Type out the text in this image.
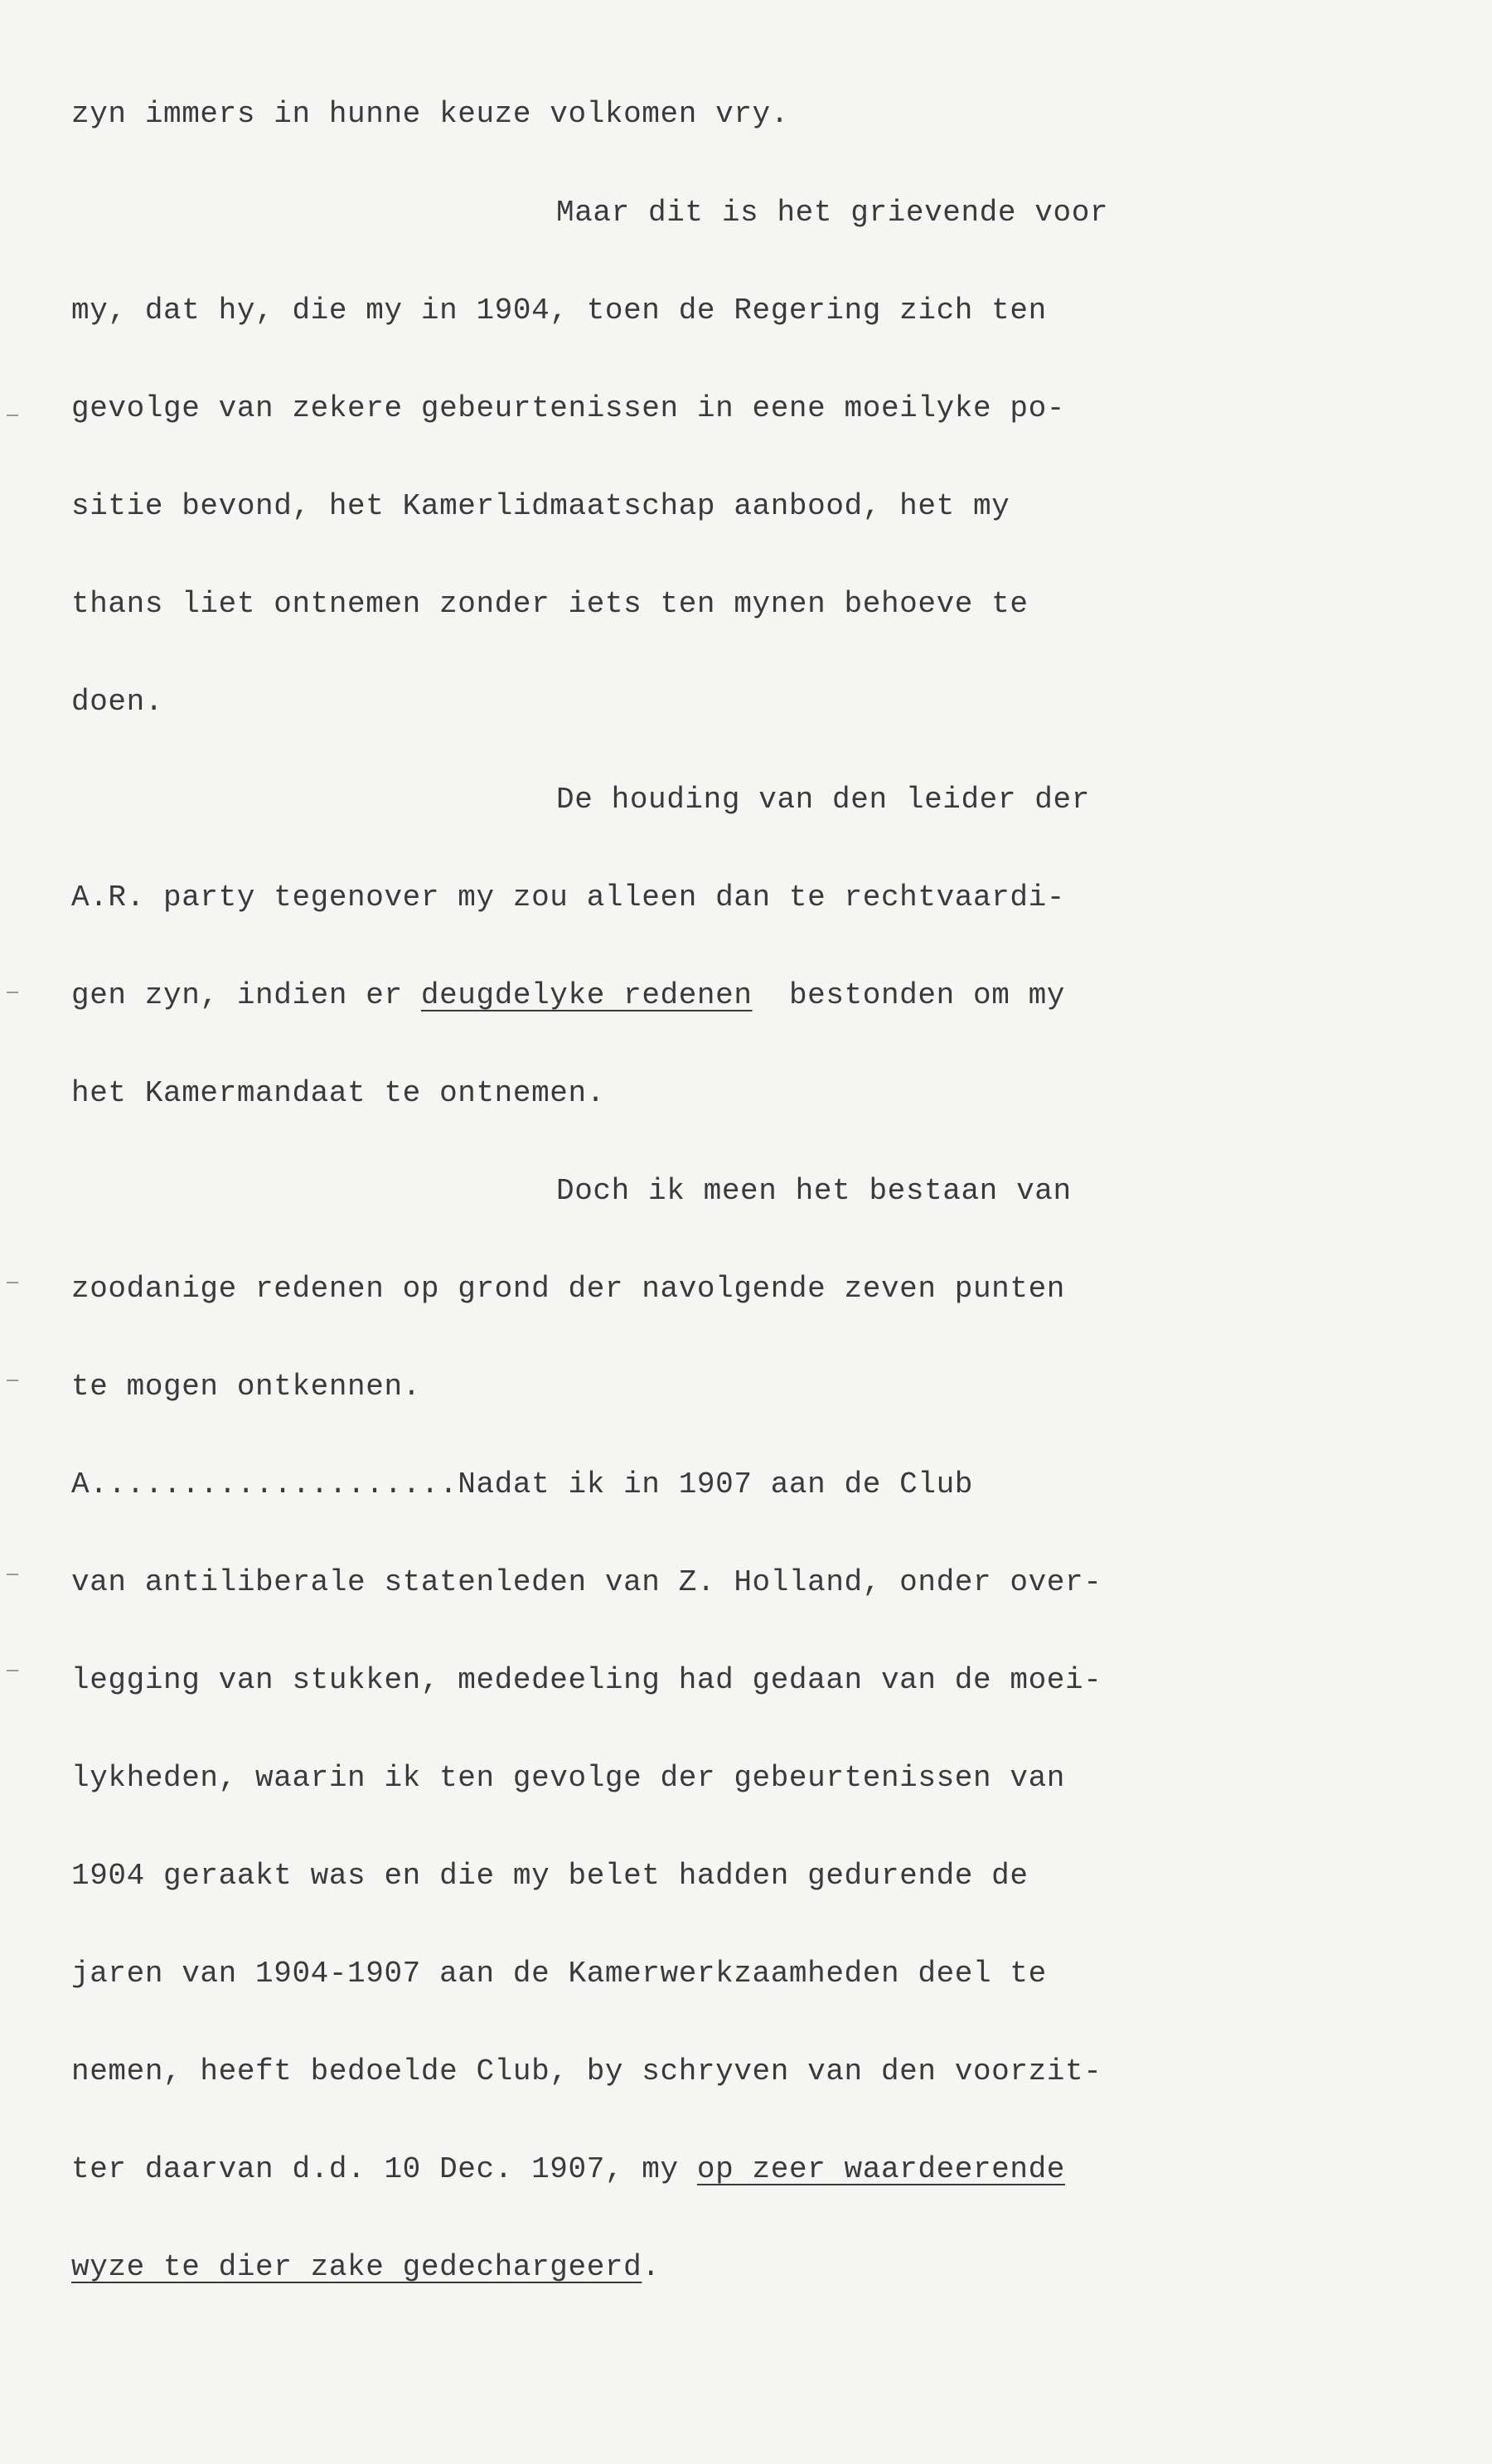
zyn immers in hunne keuze volkomen vry.
Maar dit is het grievende voor
my, dat hy, die my in 1904, toen de Regering zich ten
gevolge van zekere gebeurtenissen in eene moeilyke po-
sitie bevond, het Kamerlidmaatschap aanbood, het my
thans liet ontnemen zonder iets ten mynen behoeve te
doen.
De houding van den leider der
A.R. party tegenover my zou alleen dan te rechtvaardi-
gen zyn, indien er deugdelyke redenen  bestonden om my
het Kamermandaat te ontnemen.
Doch ik meen het bestaan van
zoodanige redenen op grond der navolgende zeven punten
te mogen ontkennen.
A....................Nadat ik in 1907 aan de Club
van antiliberale statenleden van Z. Holland, onder over-
legging van stukken, mededeeling had gedaan van de moei-
lykheden, waarin ik ten gevolge der gebeurtenissen van
1904 geraakt was en die my belet hadden gedurende de
jaren van 1904-1907 aan de Kamerwerkzaamheden deel te
nemen, heeft bedoelde Club, by schryven van den voorzit-
ter daarvan d.d. 10 Dec. 1907, my op zeer waardeerende
wyze te dier zake gedechargeerd.
